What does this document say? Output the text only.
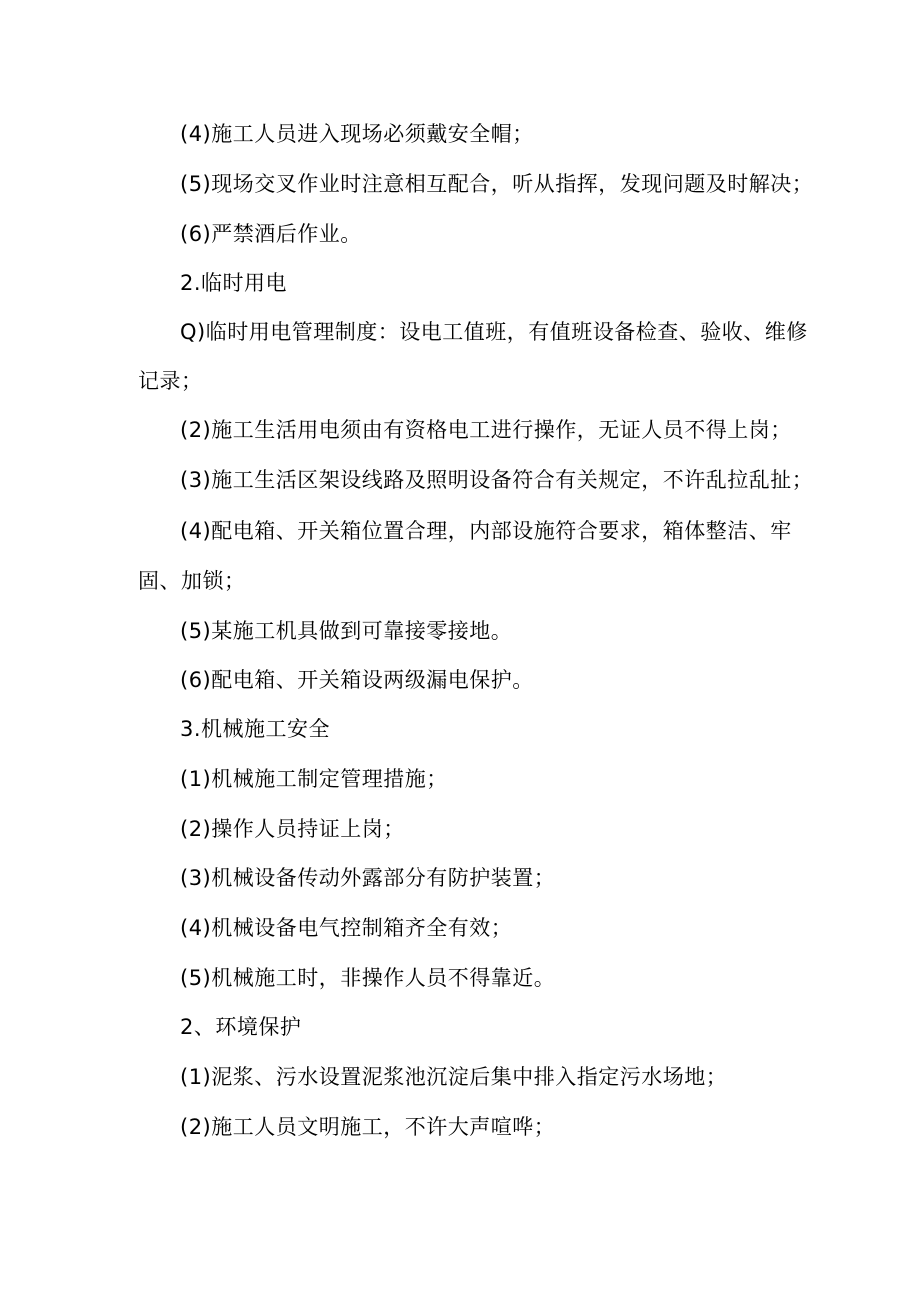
(4)施工人员进入现场必须戴安全帽；
(5)现场交叉作业时注意相互配合，听从指挥，发现问题及时解决；
(6)严禁酒后作业。
2.临时用电
Q)临时用电管理制度：设电工值班，有值班设备检查、验收、维修
记录；
(2)施工生活用电须由有资格电工进行操作，无证人员不得上岗；
(3)施工生活区架设线路及照明设备符合有关规定，不许乱拉乱扯；
(4)配电箱、开关箱位置合理，内部设施符合要求，箱体整洁、牢
固、加锁；
(5)某施工机具做到可靠接零接地。
(6)配电箱、开关箱设两级漏电保护。
3.机械施工安全
(1)机械施工制定管理措施；
(2)操作人员持证上岗；
(3)机械设备传动外露部分有防护装置；
(4)机械设备电气控制箱齐全有效；
(5)机械施工时，非操作人员不得靠近。
2、环境保护
(1)泥浆、污水设置泥浆池沉淀后集中排入指定污水场地；
(2)施工人员文明施工，不许大声喧哗；
